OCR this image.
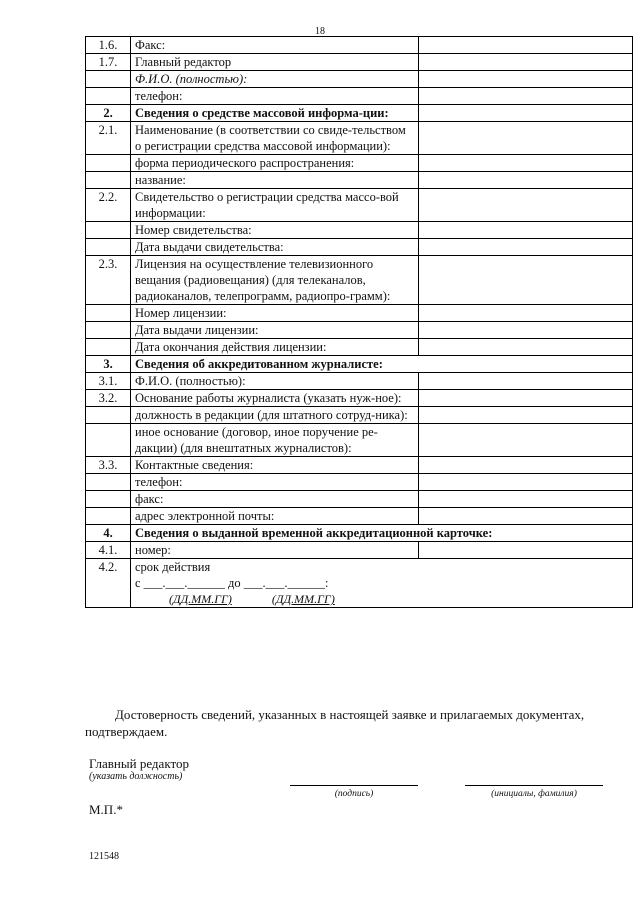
18
1.6.	Факс:	
1.7.	Главный редактор	
	Ф.И.О. (полностью):	
	телефон:	
2.	Сведения о средстве массовой информа-ции:	
2.1.	Наименование (в соответствии со свиде-тельством о регистрации средства массовой информации):	
	форма периодического распространения:	
	название:	
2.2.	Свидетельство о регистрации средства массо-вой информации:	
	Номер свидетельства:	
	Дата выдачи свидетельства:	
2.3.	Лицензия на осуществление телевизионного вещания (радиовещания) (для телеканалов, радиоканалов, телепрограмм, радиопро-грамм):	
	Номер лицензии:	
	Дата выдачи лицензии:	
	Дата окончания действия лицензии:	
3.	Сведения об аккредитованном журналисте:	
3.1.	Ф.И.О. (полностью):	
3.2.	Основание работы журналиста (указать нуж-ное):	
	должность в редакции (для штатного сотруд-ника):	
	иное основание (договор, иное поручение ре-дакции) (для внештатных журналистов):	
3.3.	Контактные сведения:	
	телефон:	
	факс:	
	адрес электронной почты:	
4.	Сведения о выданной временной аккредитационной карточке:	
4.1.	номер:	
4.2.	срок действия
с ___.___.______ до ___.___.______:
(ДД.ММ.ГГ) (ДД.ММ.ГГ)	
Достоверность сведений, указанных в настоящей заявке и прилагаемых документах, подтверждаем.
Главный редактор
(указать должность)
(подпись)	(инициалы, фамилия)
М.П.*
121548
